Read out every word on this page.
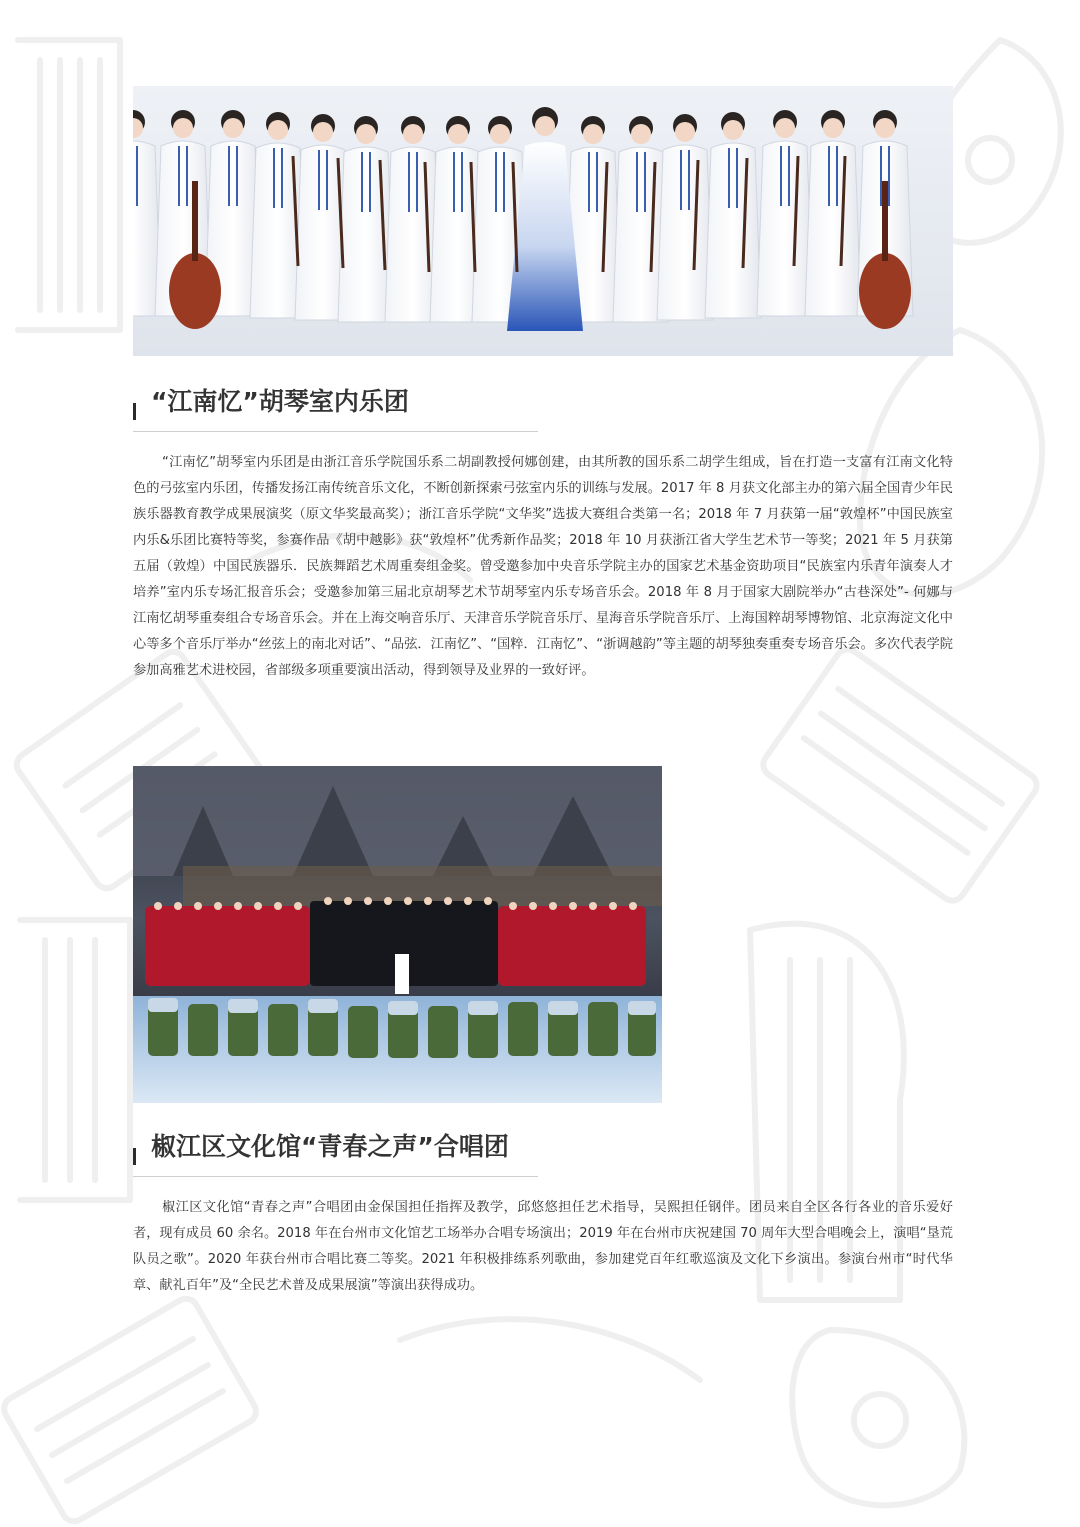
“江南忆”胡琴室内乐团

“江南忆”胡琴室内乐团是由浙江音乐学院国乐系二胡副教授何娜创建，由其所教的国乐系二胡学生组成，旨在打造一支富有江南文化特色的弓弦室内乐团，传播发扬江南传统音乐文化，不断创新探索弓弦室内乐的训练与发展。2017 年 8 月获文化部主办的第六届全国青少年民族乐器教育教学成果展演奖（原文华奖最高奖）；浙江音乐学院“文华奖”选拔大赛组合类第一名；2018 年 7 月获第一届“敦煌杯”中国民族室内乐&乐团比赛特等奖，参赛作品《胡中越影》获“敦煌杯”优秀新作品奖；2018 年 10 月获浙江省大学生艺术节一等奖；2021 年 5 月获第五届（敦煌）中国民族器乐．民族舞蹈艺术周重奏组金奖。曾受邀参加中央音乐学院主办的国家艺术基金资助项目“民族室内乐青年演奏人才培养”室内乐专场汇报音乐会；受邀参加第三届北京胡琴艺术节胡琴室内乐专场音乐会。2018 年 8 月于国家大剧院举办“古巷深处”- 何娜与江南忆胡琴重奏组合专场音乐会。并在上海交响音乐厅、天津音乐学院音乐厅、星海音乐学院音乐厅、上海国粹胡琴博物馆、北京海淀文化中心等多个音乐厅举办“丝弦上的南北对话”、“品弦．江南忆”、“国粹．江南忆”、“浙调越韵”等主题的胡琴独奏重奏专场音乐会。多次代表学院参加高雅艺术进校园，省部级多项重要演出活动，得到领导及业界的一致好评。

椒江区文化馆“青春之声”合唱团

椒江区文化馆“青春之声”合唱团由金保国担任指挥及教学，邱悠悠担任艺术指导，吴熙担任钢伴。团员来自全区各行各业的音乐爱好者，现有成员 60 余名。2018 年在台州市文化馆艺工场举办合唱专场演出；2019 年在台州市庆祝建国 70 周年大型合唱晚会上，演唱“垦荒队员之歌”。2020 年获台州市合唱比赛二等奖。2021 年积极排练系列歌曲，参加建党百年红歌巡演及文化下乡演出。参演台州市“时代华章、献礼百年”及“全民艺术普及成果展演”等演出获得成功。
